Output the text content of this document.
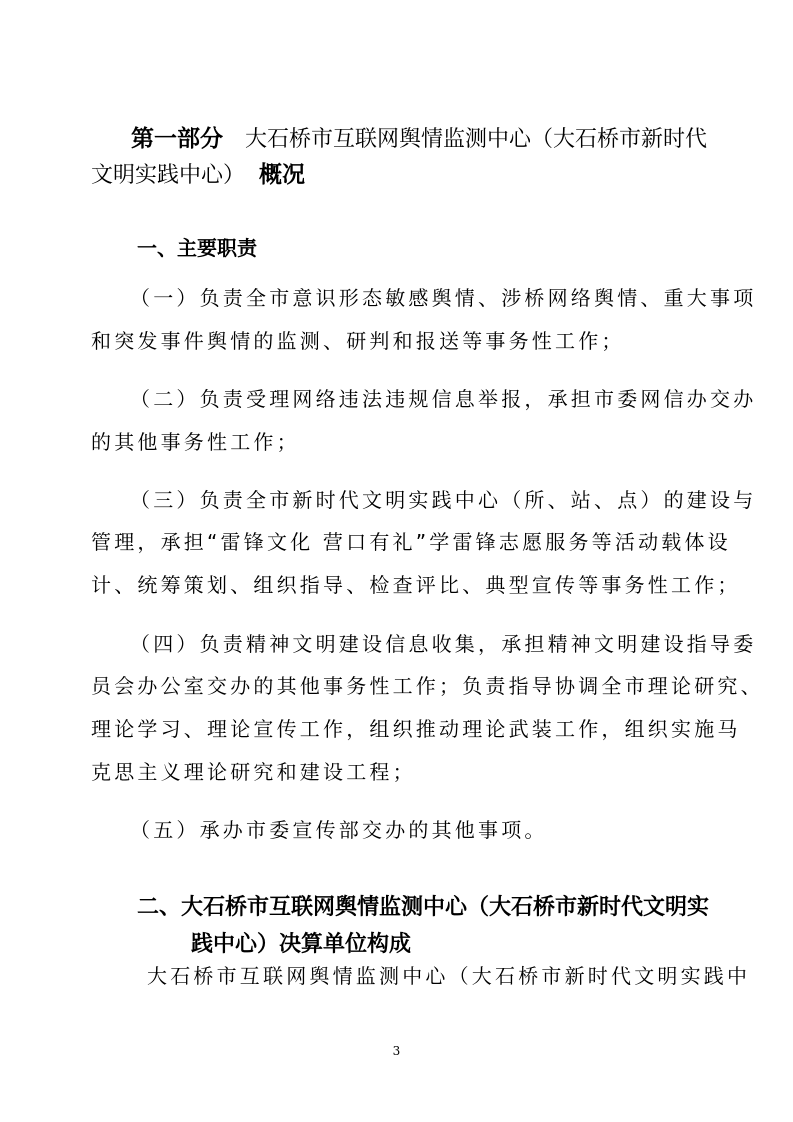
第一部分 大石桥市互联网舆情监测中心（大石桥市新时代
文明实践中心） 概况
一、主要职责
（一）负责全市意识形态敏感舆情、涉桥网络舆情、重大事项
和突发事件舆情的监测、研判和报送等事务性工作；
（二）负责受理网络违法违规信息举报，承担市委网信办交办
的其他事务性工作；
（三）负责全市新时代文明实践中心（所、站、点）的建设与
管理，承担“雷锋文化 营口有礼”学雷锋志愿服务等活动载体设
计、统筹策划、组织指导、检查评比、典型宣传等事务性工作；
（四）负责精神文明建设信息收集，承担精神文明建设指导委
员会办公室交办的其他事务性工作；负责指导协调全市理论研究、
理论学习、理论宣传工作，组织推动理论武装工作，组织实施马
克思主义理论研究和建设工程；
（五）承办市委宣传部交办的其他事项。
二、大石桥市互联网舆情监测中心（大石桥市新时代文明实
践中心）决算单位构成
大石桥市互联网舆情监测中心（大石桥市新时代文明实践中
3
